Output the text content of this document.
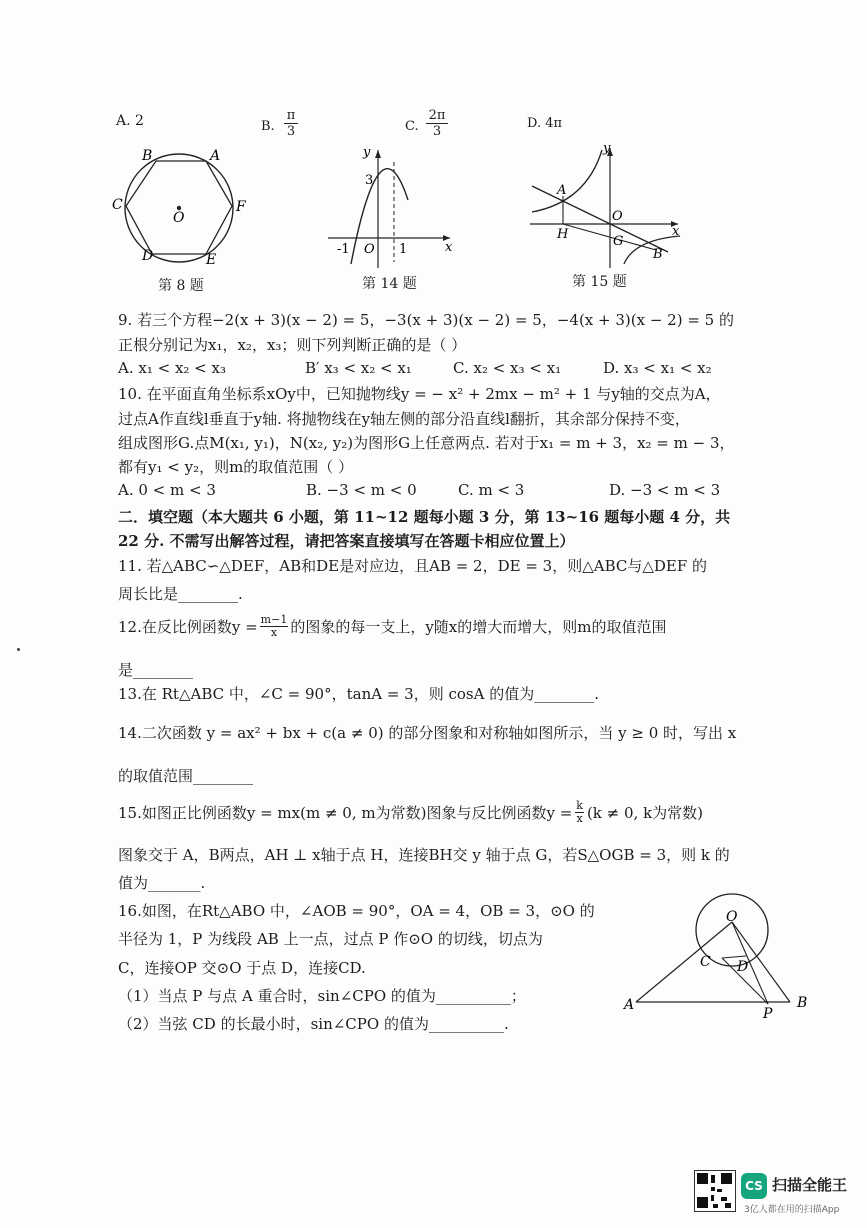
A. 2	B. $\frac{\pi}{3}$	C. $\frac{2\pi}{3}$	D. 4π
B	A
C	F
O
D	E
第 8 题
y
x
3
-1 O 1
第 14 题
y
x
A
O
H	G
B
第 15 题
9. 若三个方程−2(x + 3)(x − 2) = 5，−3(x + 3)(x − 2) = 5，−4(x + 3)(x − 2) = 5 的
正根分别记为x₁，x₂，x₃；则下列判断正确的是（ ）
A. x₁ < x₂ < x₃	B′ x₃ < x₂ < x₁	C. x₂ < x₃ < x₁	D. x₃ < x₁ < x₂
10. 在平面直角坐标系xOy中，已知抛物线y = − x² + 2mx − m² + 1 与y轴的交点为A，
过点A作直线l垂直于y轴. 将抛物线在y轴左侧的部分沿直线l翻折，其余部分保持不变，
组成图形G.点M(x₁, y₁)，N(x₂, y₂)为图形G上任意两点. 若对于x₁ = m + 3，x₂ = m − 3，
都有y₁ < y₂，则m的取值范围（ ）
A. 0 < m < 3	B. −3 < m < 0	C. m < 3	D. −3 < m < 3
二．填空题（本大题共 6 小题，第 11~12 题每小题 3 分，第 13~16 题每小题 4 分，共
22 分. 不需写出解答过程，请把答案直接填写在答题卡相应位置上）
11. 若△ABC∽△DEF，AB和DE是对应边，且AB = 2，DE = 3，则△ABC与△DEF 的
周长比是________.
12.在反比例函数$y = \frac{m-1}{x}$ 的图象的每一支上，y随x的增大而增大，则m的取值范围
是________
13.在 Rt△ABC 中，∠C = 90°，tanA = 3，则 cosA 的值为________.
14.二次函数 y = ax² + bx + c(a ≠ 0) 的部分图象和对称轴如图所示，当 y ≥ 0 时，写出 x
的取值范围________
15.如图正比例函数y = mx(m ≠ 0, m为常数)图象与反比例函数$y = \frac{k}{x} (k \ne 0$, k为常数)
图象交于 A，B两点，AH ⊥ x轴于点 H，连接BH交 y 轴于点 G，若S△OGB = 3，则 k 的
值为_______.
16.如图，在Rt△ABO 中，∠AOB = 90°，OA = 4，OB = 3，⊙O 的
半径为 1，P 为线段 AB 上一点，过点 P 作⊙O 的切线，切点为
C，连接OP 交⊙O 于点 D，连接CD.
（1）当点 P 与点 A 重合时，sin∠CPO 的值为__________；
（2）当弦 CD 的长最小时，sin∠CPO 的值为__________.
O
C D
A
P
B
CS 扫描全能王
3亿人都在用的扫描App
